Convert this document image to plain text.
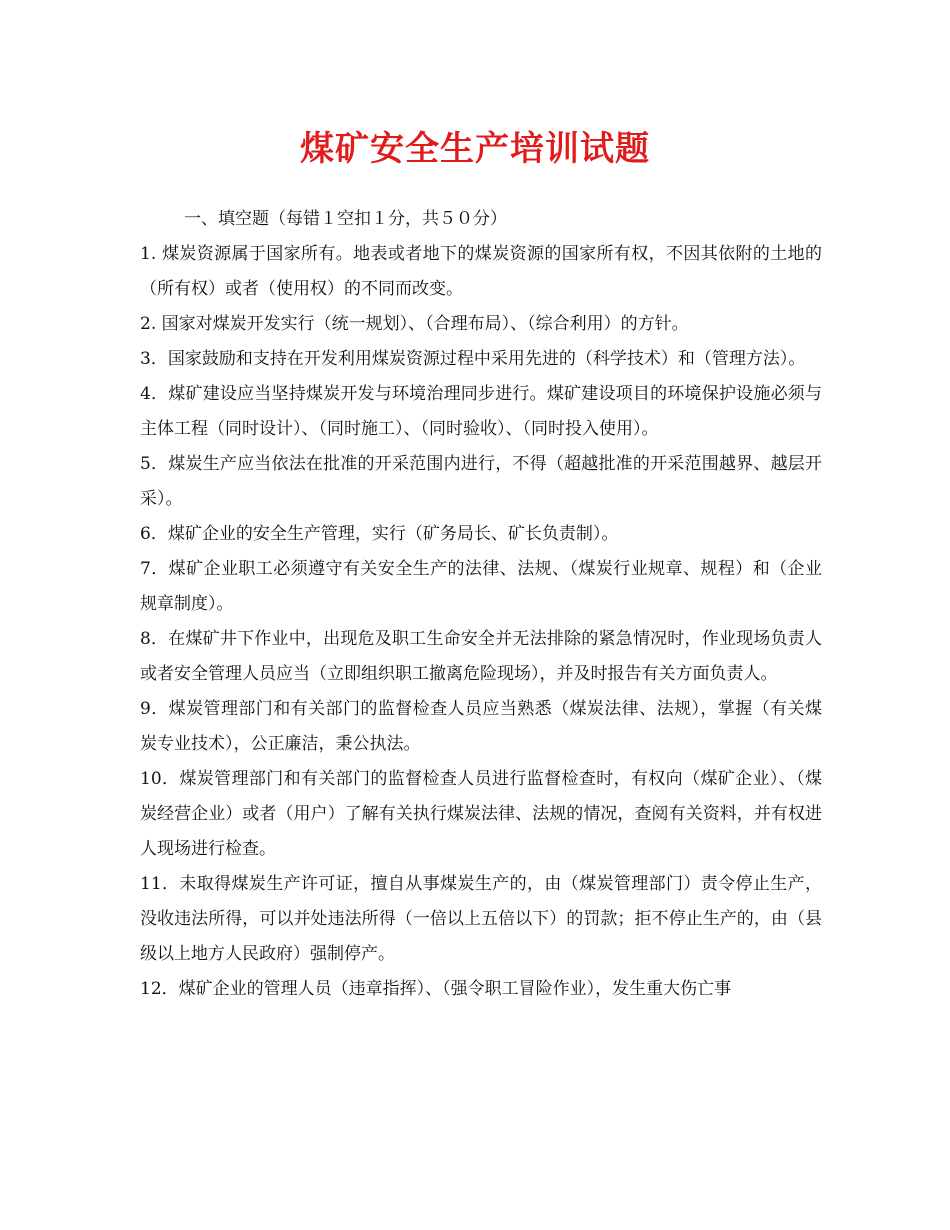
煤矿安全生产培训试题
一、填空题（每错１空扣１分，共５０分）

1. 煤炭资源属于国家所有。地表或者地下的煤炭资源的国家所有权，不因其依附的土地的（所有权）或者（使用权）的不同而改变。

2. 国家对煤炭开发实行（统一规划）、（合理布局）、（综合利用）的方针。

3．国家鼓励和支持在开发利用煤炭资源过程中采用先进的（科学技术）和（管理方法）。

4．煤矿建设应当坚持煤炭开发与环境治理同步进行。煤矿建设项目的环境保护设施必须与主体工程（同时设计）、（同时施工）、（同时验收）、（同时投入使用）。

5．煤炭生产应当依法在批准的开采范围内进行，不得（超越批准的开采范围越界、越层开采）。

6．煤矿企业的安全生产管理，实行（矿务局长、矿长负责制）。

7．煤矿企业职工必须遵守有关安全生产的法律、法规、（煤炭行业规章、规程）和（企业规章制度）。

8．在煤矿井下作业中，出现危及职工生命安全并无法排除的紧急情况时，作业现场负责人或者安全管理人员应当（立即组织职工撤离危险现场），并及时报告有关方面负责人。

9．煤炭管理部门和有关部门的监督检查人员应当熟悉（煤炭法律、法规），掌握（有关煤炭专业技术），公正廉洁，秉公执法。

10．煤炭管理部门和有关部门的监督检查人员进行监督检查时，有权向（煤矿企业）、（煤炭经营企业）或者（用户）了解有关执行煤炭法律、法规的情况，查阅有关资料，并有权进人现场进行检查。

11．未取得煤炭生产许可证，擅自从事煤炭生产的，由（煤炭管理部门）责令停止生产，没收违法所得，可以并处违法所得（一倍以上五倍以下）的罚款；拒不停止生产的，由（县级以上地方人民政府）强制停产。

12．煤矿企业的管理人员（违章指挥）、（强令职工冒险作业），发生重大伤亡事
